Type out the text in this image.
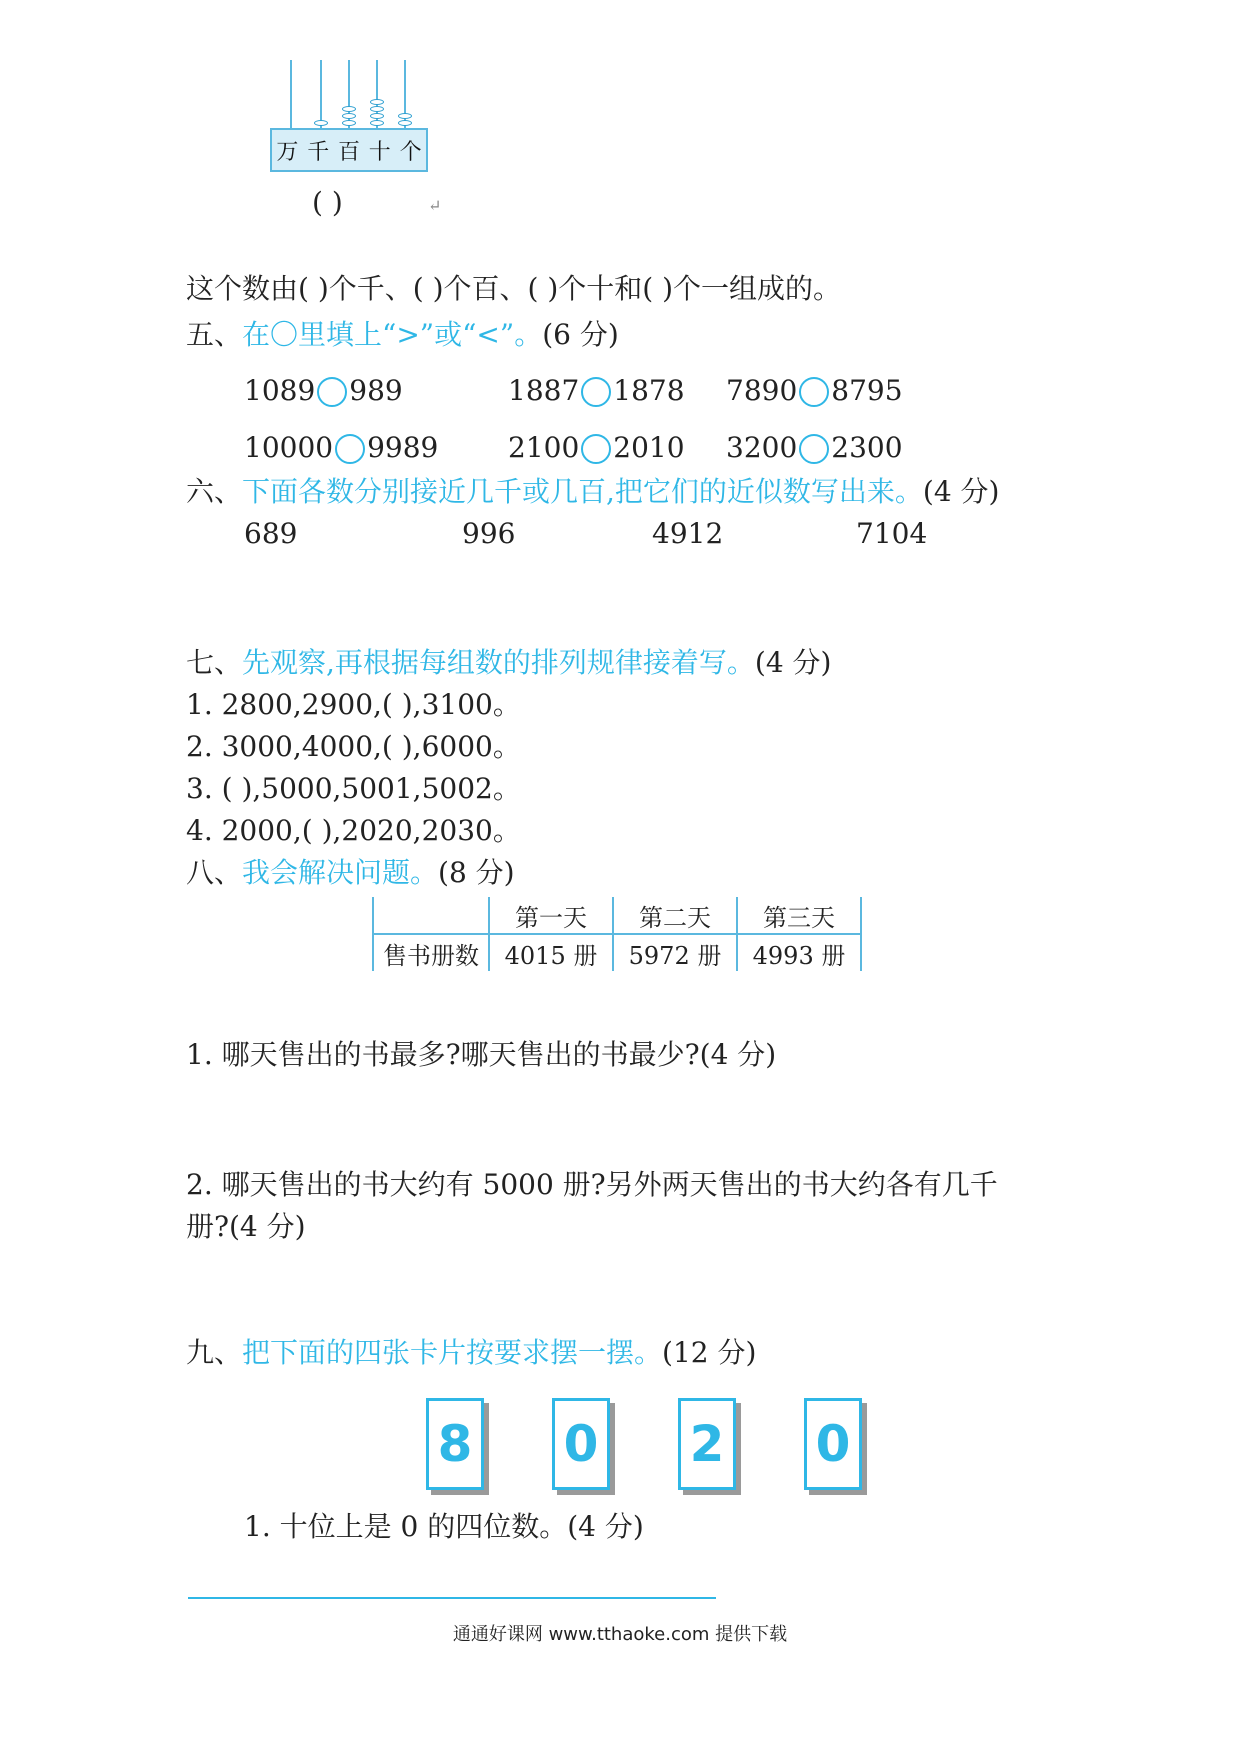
万 千 百 十 个
( )	↵
这个数由( )个千、( )个百、( )个十和( )个一组成的。
五、在〇里填上“>”或“<”。(6 分)
1089 989	1887 1878 7890 8795
10000 9989 2100 2010 3200 2300
六、下面各数分别接近几千或几百,把它们的近似数写出来。(4 分)
689	996	4912	7104
七、先观察,再根据每组数的排列规律接着写。(4 分)
1. 2800,2900,( ),3100。
2. 3000,4000,( ),6000。
3. ( ),5000,5001,5002。
4. 2000,( ),2020,2030。
八、我会解决问题。(8 分)
	第一天	第二天	第三天
售书册数	4015 册	5972 册	4993 册
1. 哪天售出的书最多?哪天售出的书最少?(4 分)
2. 哪天售出的书大约有 5000 册?另外两天售出的书大约各有几千
册?(4 分)
九、把下面的四张卡片按要求摆一摆。(12 分)
8 0 2 0
1. 十位上是 0 的四位数。(4 分)
通通好课网 www.tthaoke.com 提供下载
